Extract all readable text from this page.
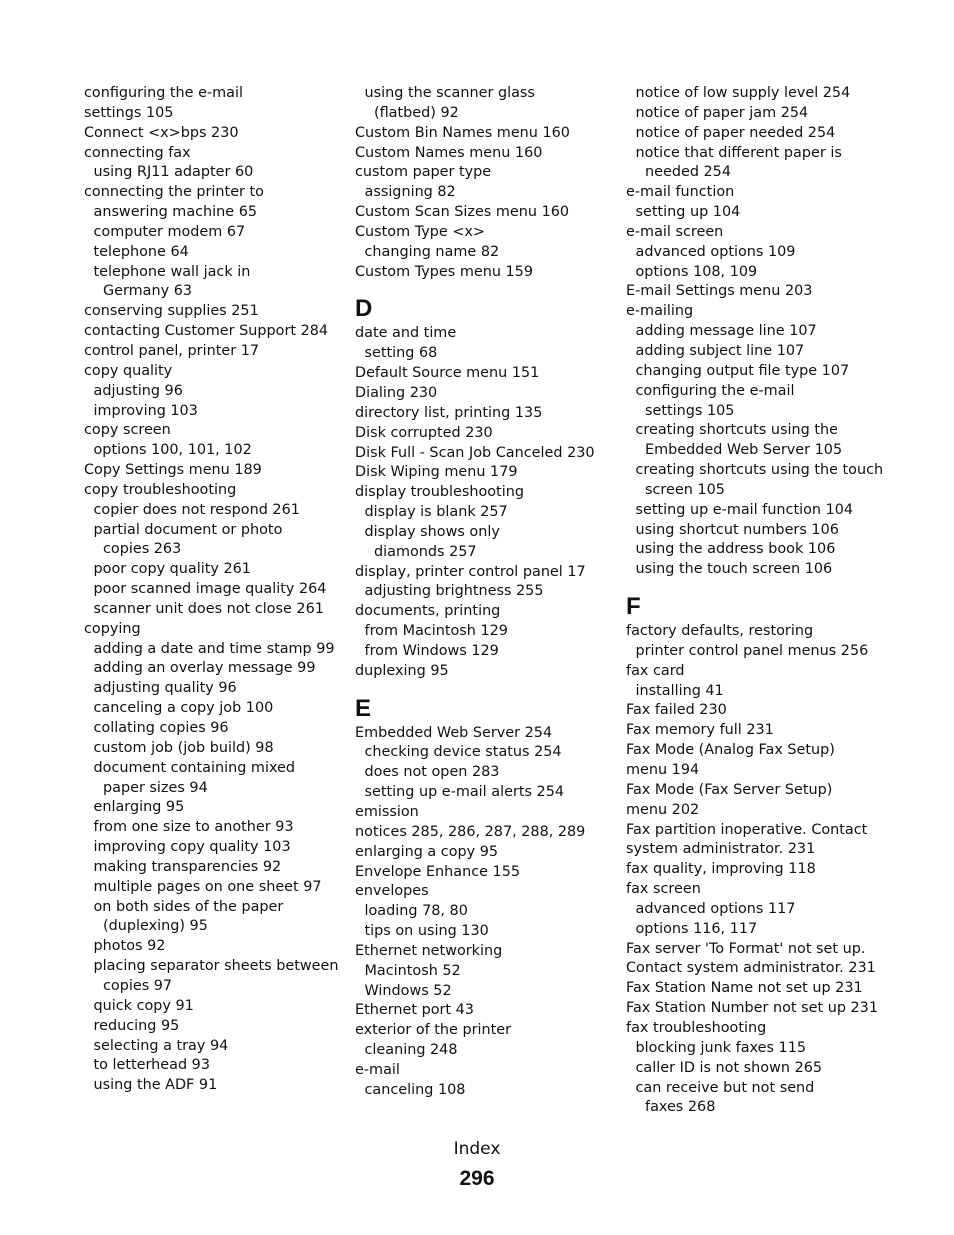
configuring the e-mail
settings 105
Connect <x>bps 230
connecting fax
using RJ11 adapter 60
connecting the printer to
answering machine 65
computer modem 67
telephone 64
telephone wall jack in
Germany 63
conserving supplies 251
contacting Customer Support 284
control panel, printer 17
copy quality
adjusting 96
improving 103
copy screen
options 100, 101, 102
Copy Settings menu 189
copy troubleshooting
copier does not respond 261
partial document or photo
copies 263
poor copy quality 261
poor scanned image quality 264
scanner unit does not close 261
copying
adding a date and time stamp 99
adding an overlay message 99
adjusting quality 96
canceling a copy job 100
collating copies 96
custom job (job build) 98
document containing mixed
paper sizes 94
enlarging 95
from one size to another 93
improving copy quality 103
making transparencies 92
multiple pages on one sheet 97
on both sides of the paper
(duplexing) 95
photos 92
placing separator sheets between
copies 97
quick copy 91
reducing 95
selecting a tray 94
to letterhead 93
using the ADF 91
using the scanner glass
(flatbed) 92
Custom Bin Names menu 160
Custom Names menu 160
custom paper type
assigning 82
Custom Scan Sizes menu 160
Custom Type <x>
changing name 82
Custom Types menu 159
D
date and time
setting 68
Default Source menu 151
Dialing 230
directory list, printing 135
Disk corrupted 230
Disk Full - Scan Job Canceled 230
Disk Wiping menu 179
display troubleshooting
display is blank 257
display shows only
diamonds 257
display, printer control panel 17
adjusting brightness 255
documents, printing
from Macintosh 129
from Windows 129
duplexing 95
E
Embedded Web Server 254
checking device status 254
does not open 283
setting up e-mail alerts 254
emission
notices 285, 286, 287, 288, 289
enlarging a copy 95
Envelope Enhance 155
envelopes
loading 78, 80
tips on using 130
Ethernet networking
Macintosh 52
Windows 52
Ethernet port 43
exterior of the printer
cleaning 248
e-mail
canceling 108
notice of low supply level 254
notice of paper jam 254
notice of paper needed 254
notice that different paper is
needed 254
e-mail function
setting up 104
e-mail screen
advanced options 109
options 108, 109
E-mail Settings menu 203
e-mailing
adding message line 107
adding subject line 107
changing output file type 107
configuring the e-mail
settings 105
creating shortcuts using the
Embedded Web Server 105
creating shortcuts using the touch
screen 105
setting up e-mail function 104
using shortcut numbers 106
using the address book 106
using the touch screen 106
F
factory defaults, restoring
printer control panel menus 256
fax card
installing 41
Fax failed 230
Fax memory full 231
Fax Mode (Analog Fax Setup)
menu 194
Fax Mode (Fax Server Setup)
menu 202
Fax partition inoperative. Contact
system administrator. 231
fax quality, improving 118
fax screen
advanced options 117
options 116, 117
Fax server 'To Format' not set up.
Contact system administrator. 231
Fax Station Name not set up 231
Fax Station Number not set up 231
fax troubleshooting
blocking junk faxes 115
caller ID is not shown 265
can receive but not send
faxes 268
Index
296
